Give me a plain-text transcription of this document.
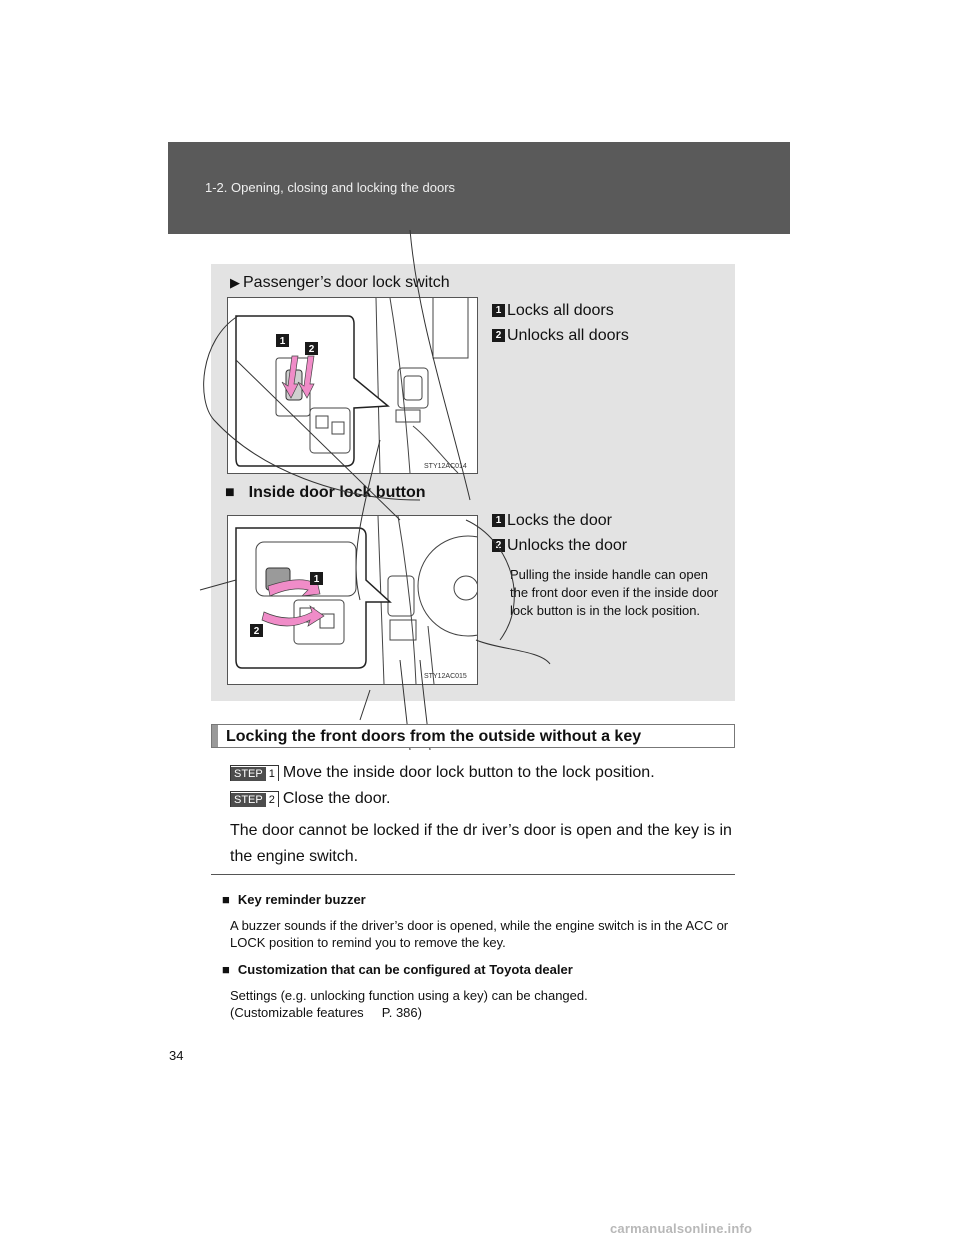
1-2. Opening, closing and locking the doors
▶ Passenger’s door lock switch
1
2
STY12AC014
1 Locks all doors
2 Unlocks all doors
■ Inside door lock button
1
2
STY12AC015
1 Locks the door
2 Unlocks the door
Pulling the inside handle can open the front door even if the inside door lock button is in the lock position.
Locking the front doors from the outside without a key
STEP 1 Move the inside door lock button to the lock position.
STEP 2 Close the door.
The door cannot be locked if the dr iver’s door is open and the key is in the engine switch.
■ Key reminder buzzer
A buzzer sounds if the driver’s door is opened, while the engine switch is in the ACC or LOCK position to remind you to remove the key.
■ Customization that can be configured at Toyota dealer
Settings (e.g. unlocking function using a key) can be changed.
(Customizable features     P. 386)
34
carmanualsonline.info
